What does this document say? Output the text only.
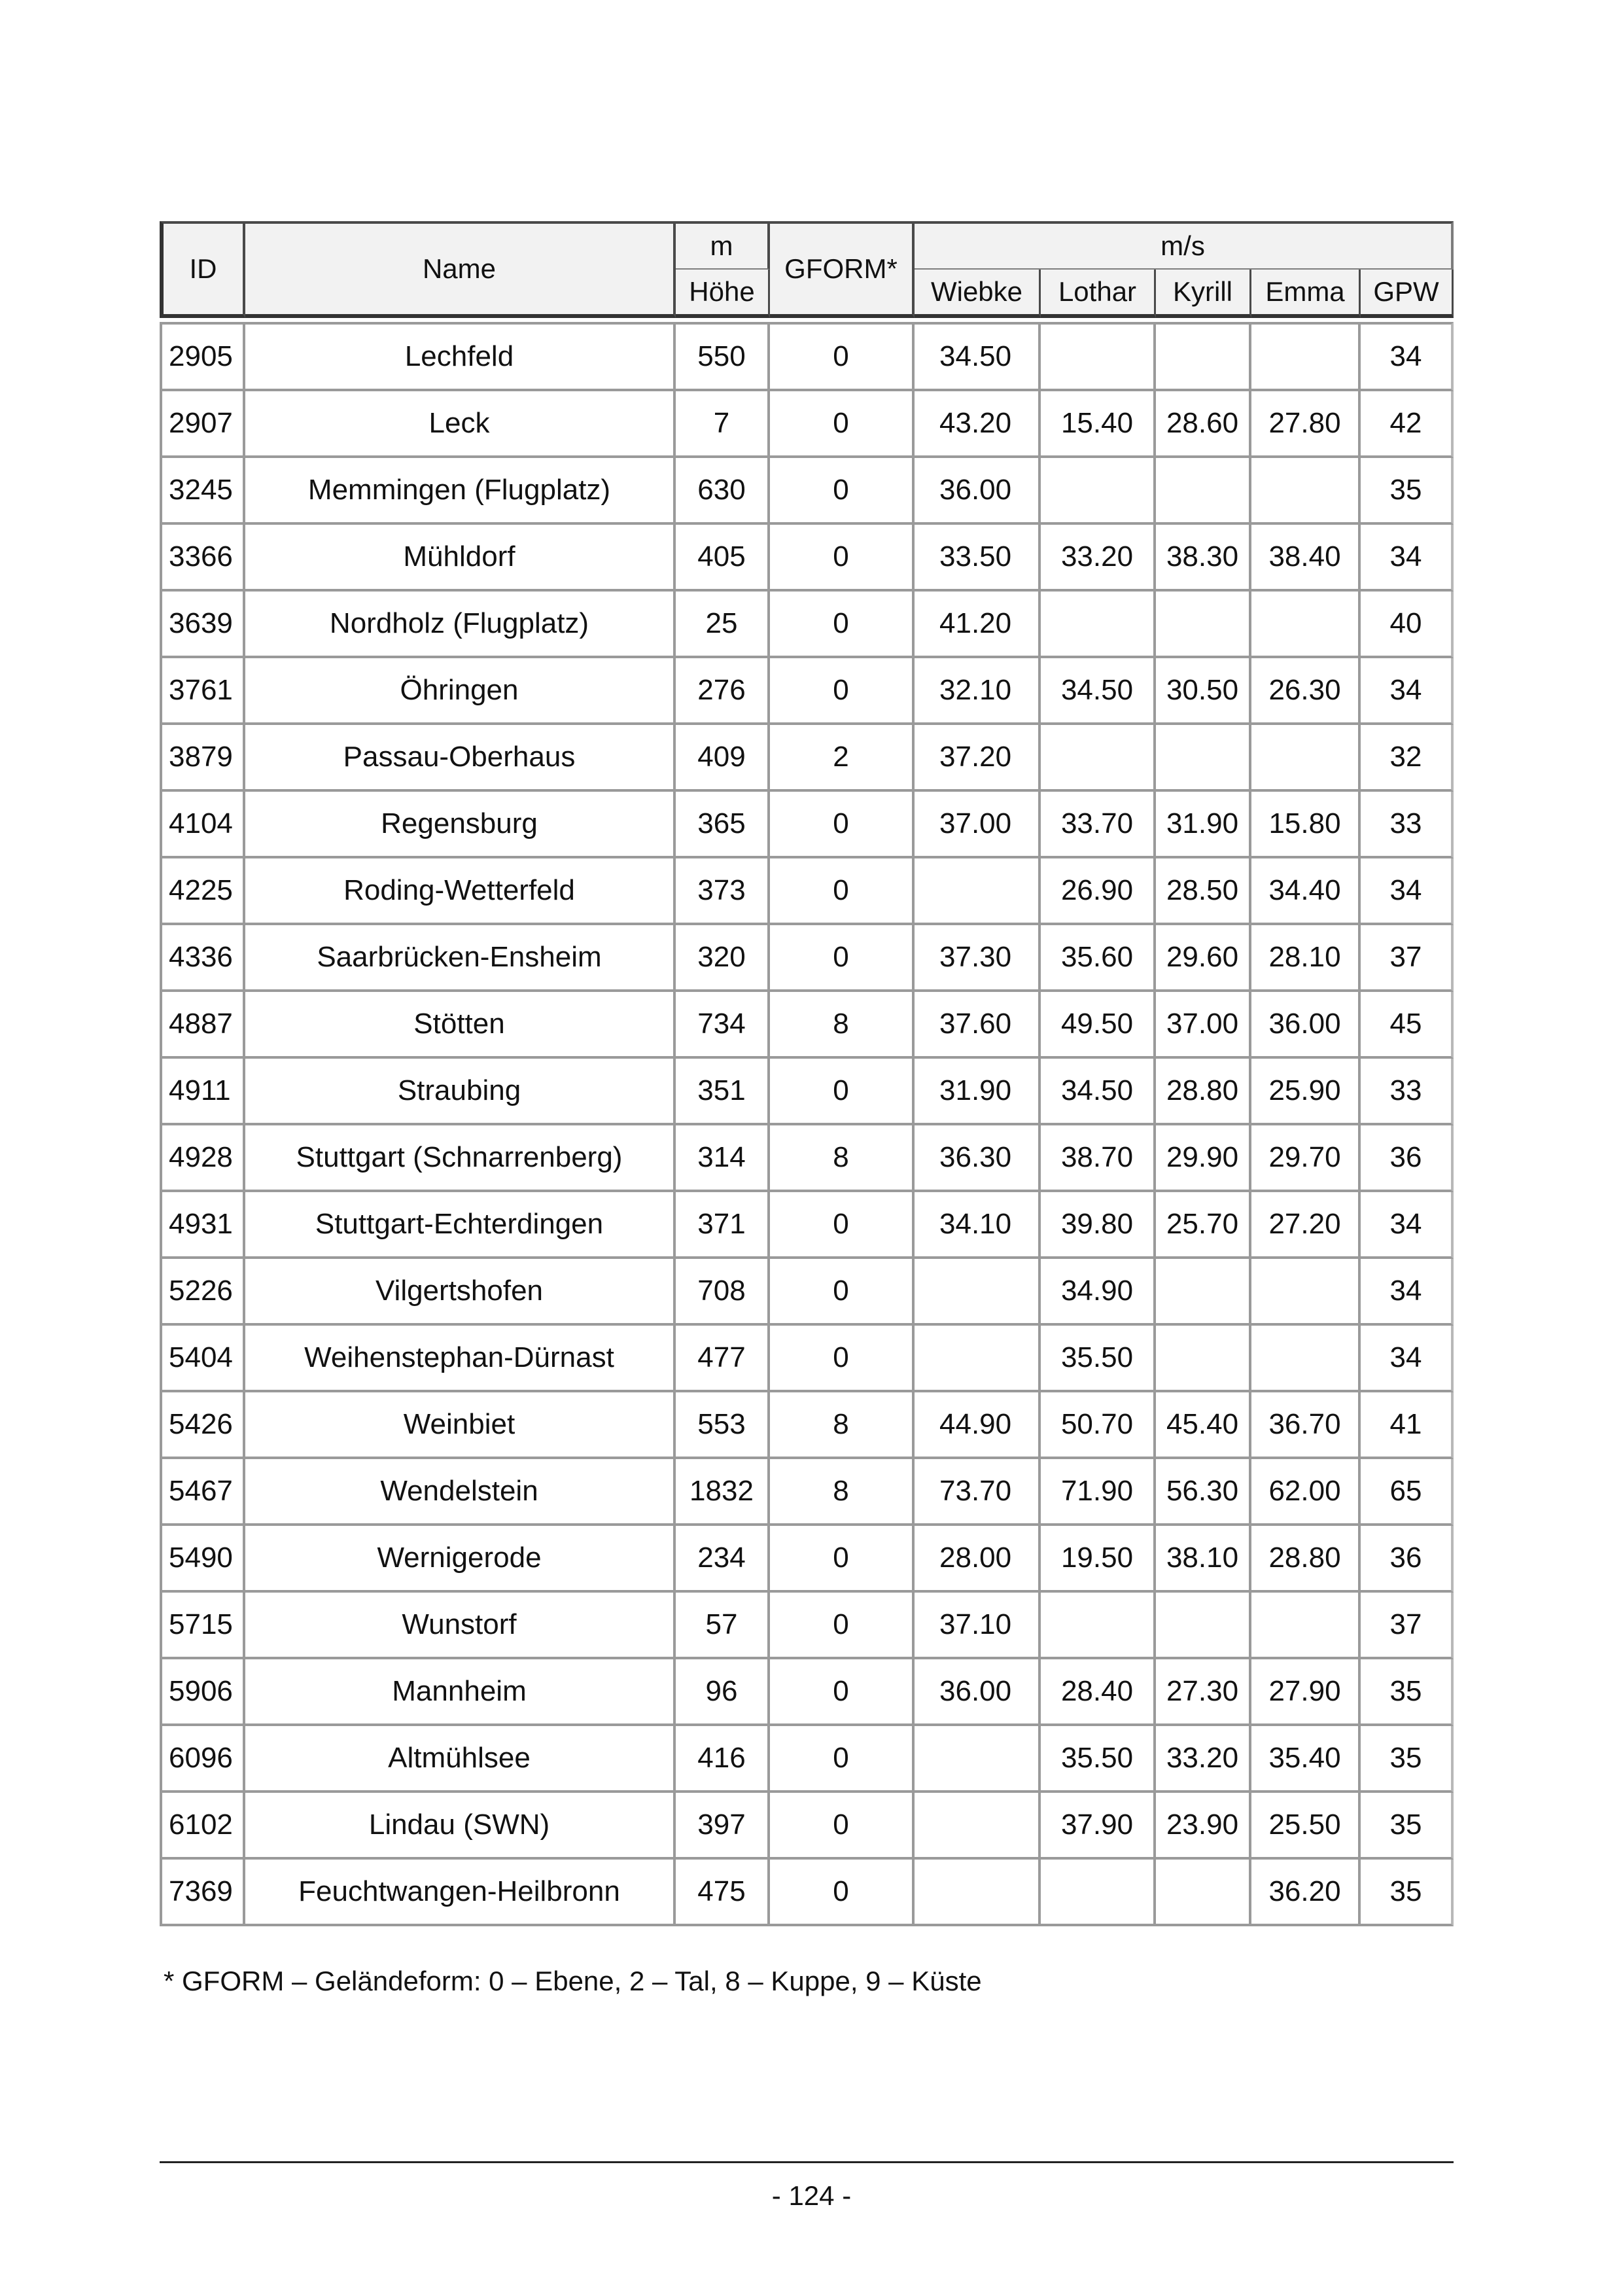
ID	Name	m	GFORM*	m/s				
		Höhe		Wiebke	Lothar	Kyrill	Emma	GPW

2905	Lechfeld	550	0	34.50				34
2907	Leck	7	0	43.20	15.40	28.60	27.80	42
3245	Memmingen (Flugplatz)	630	0	36.00				35
3366	Mühldorf	405	0	33.50	33.20	38.30	38.40	34
3639	Nordholz (Flugplatz)	25	0	41.20				40
3761	Öhringen	276	0	32.10	34.50	30.50	26.30	34
3879	Passau-Oberhaus	409	2	37.20				32
4104	Regensburg	365	0	37.00	33.70	31.90	15.80	33
4225	Roding-Wetterfeld	373	0		26.90	28.50	34.40	34
4336	Saarbrücken-Ensheim	320	0	37.30	35.60	29.60	28.10	37
4887	Stötten	734	8	37.60	49.50	37.00	36.00	45
4911	Straubing	351	0	31.90	34.50	28.80	25.90	33
4928	Stuttgart (Schnarrenberg)	314	8	36.30	38.70	29.90	29.70	36
4931	Stuttgart-Echterdingen	371	0	34.10	39.80	25.70	27.20	34
5226	Vilgertshofen	708	0		34.90			34
5404	Weihenstephan-Dürnast	477	0		35.50			34
5426	Weinbiet	553	8	44.90	50.70	45.40	36.70	41
5467	Wendelstein	1832	8	73.70	71.90	56.30	62.00	65
5490	Wernigerode	234	0	28.00	19.50	38.10	28.80	36
5715	Wunstorf	57	0	37.10				37
5906	Mannheim	96	0	36.00	28.40	27.30	27.90	35
6096	Altmühlsee	416	0		35.50	33.20	35.40	35
6102	Lindau (SWN)	397	0		37.90	23.90	25.50	35
7369	Feuchtwangen-Heilbronn	475	0				36.20	35
* GFORM – Geländeform: 0 – Ebene, 2 – Tal, 8 – Kuppe, 9 – Küste
- 124 -
